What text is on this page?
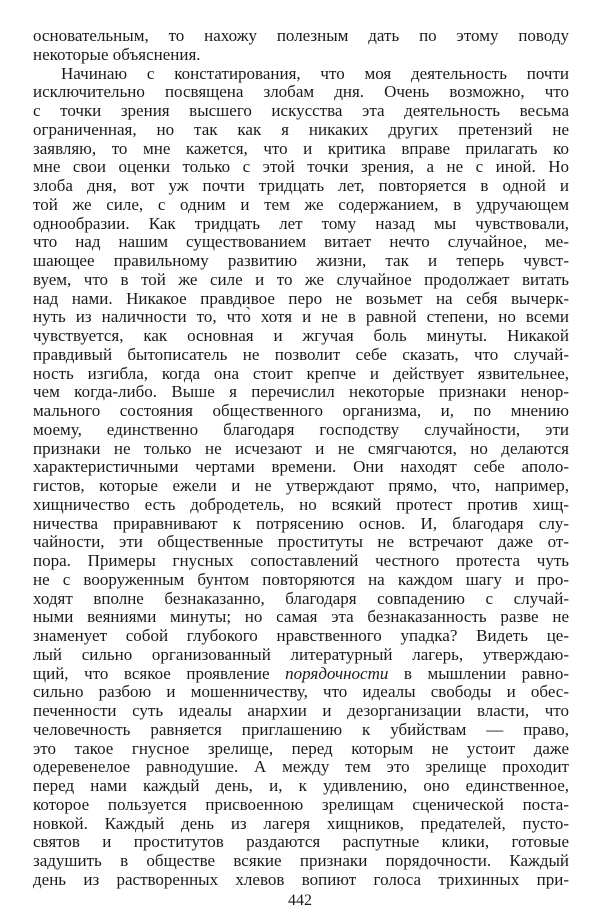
основательным, то нахожу полезным дать по этому поводу
некоторые объяснения.
Начинаю с констатирования, что моя деятельность почти
исключительно посвящена злобам дня. Очень возможно, что
с точки зрения высшего искусства эта деятельность весьма
ограниченная, но так как я никаких других претензий не
заявляю, то мне кажется, что и критика вправе прилагать ко
мне свои оценки только с этой точки зрения, а не с иной. Но
злоба дня, вот уж почти тридцать лет, повторяется в одной и
той же силе, с одним и тем же содержанием, в удручающем
однообразии. Как тридцать лет тому назад мы чувствовали,
что над нашим существованием витает нечто случайное, ме-
шающее правильному развитию жизни, так и теперь чувст-
вуем, что в той же силе и то же случайное продолжает витать
над нами. Никакое правдивое перо не возьмет на себя вычерк-
нуть из наличности то, что̀ хотя и не в равной степени, но всеми
чувствуется, как основная и жгучая боль минуты. Никакой
правдивый бытописатель не позволит себе сказать, что случай-
ность изгибла, когда она стоит крепче и действует язвительнее,
чем когда-либо. Выше я перечислил некоторые признаки ненор-
мального состояния общественного организма, и, по мнению
моему, единственно благодаря господству случайности, эти
признаки не только не исчезают и не смягчаются, но делаются
характеристичными чертами времени. Они находят себе аполо-
гистов, которые ежели и не утверждают прямо, что, например,
хищничество есть добродетель, но всякий протест против хищ-
ничества приравнивают к потрясению основ. И, благодаря слу-
чайности, эти общественные проституты не встречают даже от-
пора. Примеры гнусных сопоставлений честного протеста чуть
не с вооруженным бунтом повторяются на каждом шагу и про-
ходят вполне безнаказанно, благодаря совпадению с случай-
ными веяниями минуты; но самая эта безнаказанность разве не
знаменует собой глубокого нравственного упадка? Видеть це-
лый сильно организованный литературный лагерь, утверждаю-
щий, что всякое проявление порядочности в мышлении равно-
сильно разбою и мошенничеству, что идеалы свободы и обес-
печенности суть идеалы анархии и дезорганизации власти, что
человечность равняется приглашению к убийствам — право,
это такое гнусное зрелище, перед которым не устоит даже
одеревенелое равнодушие. А между тем это зрелище проходит
перед нами каждый день, и, к удивлению, оно единственное,
которое пользуется присвоенною зрелищам сценической поста-
новкой. Каждый день из лагеря хищников, предателей, пусто-
святов и проститутов раздаются распутные клики, готовые
задушить в обществе всякие признаки порядочности. Каждый
день из растворенных хлевов вопиют голоса трихинных при-
442
